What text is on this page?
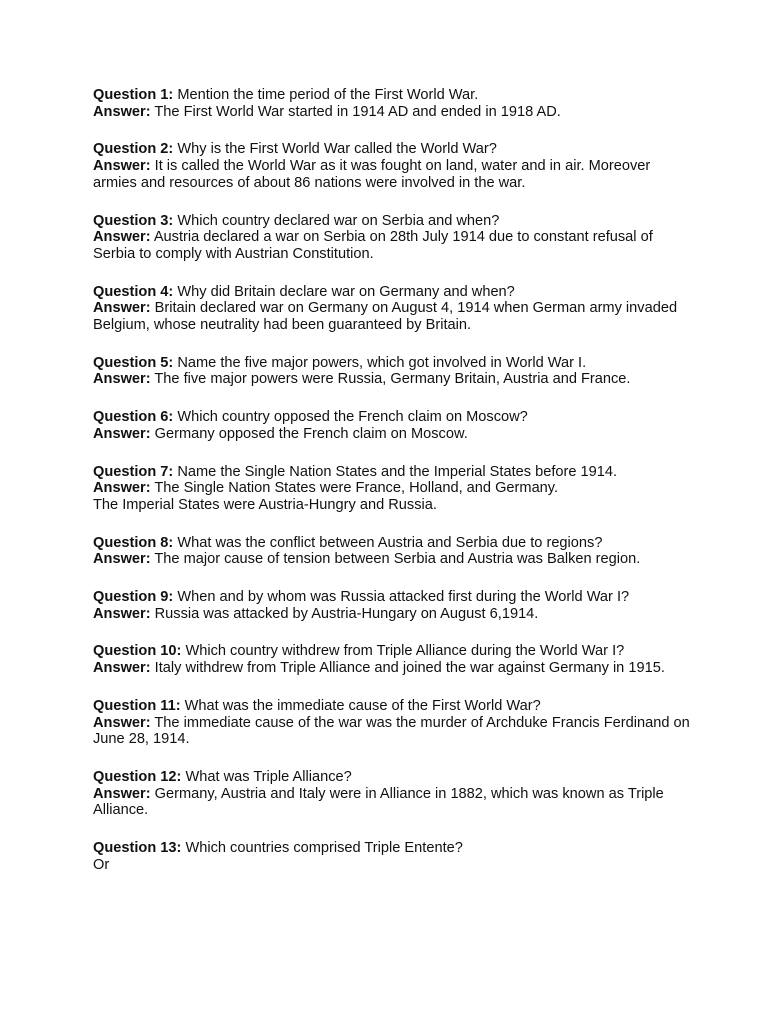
Question 1: Mention the time period of the First World War.
Answer: The First World War started in 1914 AD and ended in 1918 AD.
Question 2: Why is the First World War called the World War?
Answer: It is called the World War as it was fought on land, water and in air. Moreover armies and resources of about 86 nations were involved in the war.
Question 3: Which country declared war on Serbia and when?
Answer: Austria declared a war on Serbia on 28th July 1914 due to constant refusal of Serbia to comply with Austrian Constitution.
Question 4: Why did Britain declare war on Germany and when?
Answer: Britain declared war on Germany on August 4, 1914 when German army invaded Belgium, whose neutrality had been guaranteed by Britain.
Question 5: Name the five major powers, which got involved in World War I.
Answer: The five major powers were Russia, Germany Britain, Austria and France.
Question 6: Which country opposed the French claim on Moscow?
Answer: Germany opposed the French claim on Moscow.
Question 7: Name the Single Nation States and the Imperial States before 1914.
Answer: The Single Nation States were France, Holland, and Germany.
The Imperial States were Austria-Hungry and Russia.
Question 8: What was the conflict between Austria and Serbia due to regions?
Answer: The major cause of tension between Serbia and Austria was Balken region.
Question 9: When and by whom was Russia attacked first during the World War I?
Answer: Russia was attacked by Austria-Hungary on August 6,1914.
Question 10: Which country withdrew from Triple Alliance during the World War I?
Answer: Italy withdrew from Triple Alliance and joined the war against Germany in 1915.
Question 11: What was the immediate cause of the First World War?
Answer: The immediate cause of the war was the murder of Archduke Francis Ferdinand on June 28, 1914.
Question 12: What was Triple Alliance?
Answer: Germany, Austria and Italy were in Alliance in 1882, which was known as Triple Alliance.
Question 13: Which countries comprised Triple Entente?
Or
